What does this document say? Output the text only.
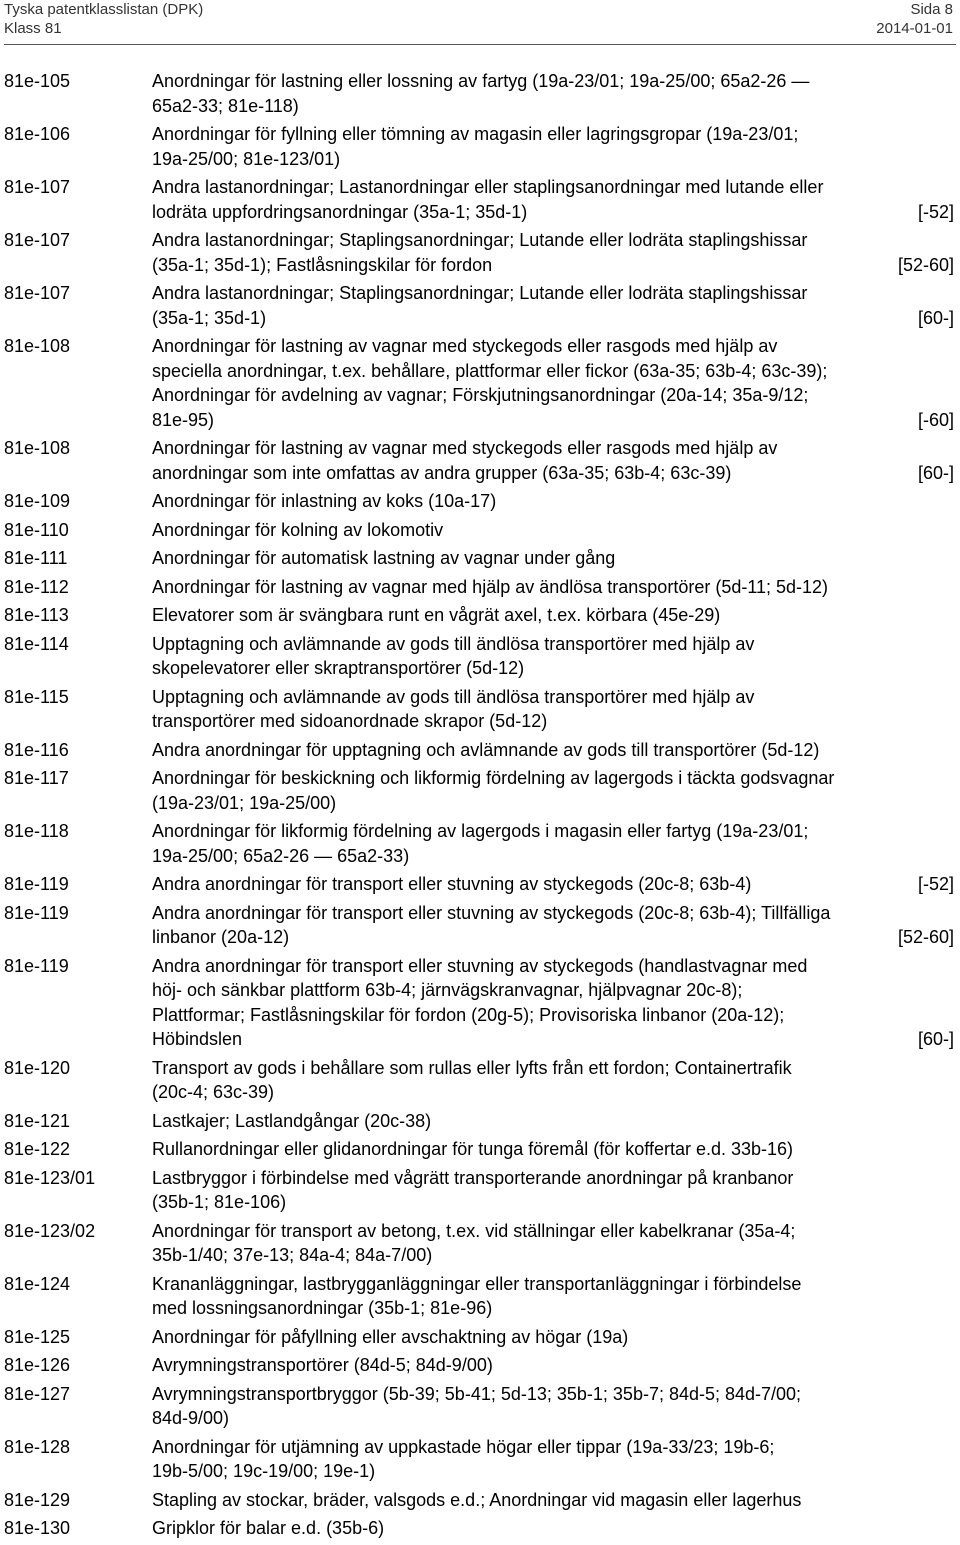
Tyska patentklasslistan (DPK)	Sida 8
Klass 81	2014-01-01
81e-105	Anordningar för lastning eller lossning av fartyg (19a-23/01; 19a-25/00; 65a2-26 —
65a2-33; 81e-118)
81e-106	Anordningar för fyllning eller tömning av magasin eller lagringsgropar (19a-23/01;
19a-25/00; 81e-123/01)
81e-107	Andra lastanordningar; Lastanordningar eller staplingsanordningar med lutande eller
lodräta uppfordringsanordningar (35a-1; 35d-1)	[-52]
81e-107	Andra lastanordningar; Staplingsanordningar; Lutande eller lodräta staplingshissar
(35a-1; 35d-1); Fastlåsningskilar för fordon	[52-60]
81e-107	Andra lastanordningar; Staplingsanordningar; Lutande eller lodräta staplingshissar
(35a-1; 35d-1)	[60-]
81e-108	Anordningar för lastning av vagnar med styckegods eller rasgods med hjälp av
speciella anordningar, t.ex. behållare, plattformar eller fickor (63a-35; 63b-4; 63c-39);
Anordningar för avdelning av vagnar; Förskjutningsanordningar (20a-14; 35a-9/12;
81e-95)	[-60]
81e-108	Anordningar för lastning av vagnar med styckegods eller rasgods med hjälp av
anordningar som inte omfattas av andra grupper (63a-35; 63b-4; 63c-39)	[60-]
81e-109	Anordningar för inlastning av koks (10a-17)
81e-110	Anordningar för kolning av lokomotiv
81e-111	Anordningar för automatisk lastning av vagnar under gång
81e-112	Anordningar för lastning av vagnar med hjälp av ändlösa transportörer (5d-11; 5d-12)
81e-113	Elevatorer som är svängbara runt en vågrät axel, t.ex. körbara (45e-29)
81e-114	Upptagning och avlämnande av gods till ändlösa transportörer med hjälp av
skopelevatorer eller skraptransportörer (5d-12)
81e-115	Upptagning och avlämnande av gods till ändlösa transportörer med hjälp av
transportörer med sidoanordnade skrapor (5d-12)
81e-116	Andra anordningar för upptagning och avlämnande av gods till transportörer (5d-12)
81e-117	Anordningar för beskickning och likformig fördelning av lagergods i täckta godsvagnar
(19a-23/01; 19a-25/00)
81e-118	Anordningar för likformig fördelning av lagergods i magasin eller fartyg (19a-23/01;
19a-25/00; 65a2-26 — 65a2-33)
81e-119	Andra anordningar för transport eller stuvning av styckegods (20c-8; 63b-4)	[-52]
81e-119	Andra anordningar för transport eller stuvning av styckegods (20c-8; 63b-4); Tillfälliga
linbanor (20a-12)	[52-60]
81e-119	Andra anordningar för transport eller stuvning av styckegods (handlastvagnar med
höj- och sänkbar plattform 63b-4; järnvägskranvagnar, hjälpvagnar 20c-8);
Plattformar; Fastlåsningskilar för fordon (20g-5); Provisoriska linbanor (20a-12);
Höbindslen	[60-]
81e-120	Transport av gods i behållare som rullas eller lyfts från ett fordon; Containertrafik
(20c-4; 63c-39)
81e-121	Lastkajer; Lastlandgångar (20c-38)
81e-122	Rullanordningar eller glidanordningar för tunga föremål (för koffertar e.d. 33b-16)
81e-123/01	Lastbryggor i förbindelse med vågrätt transporterande anordningar på kranbanor
(35b-1; 81e-106)
81e-123/02	Anordningar för transport av betong, t.ex. vid ställningar eller kabelkranar (35a-4;
35b-1/40; 37e-13; 84a-4; 84a-7/00)
81e-124	Krananläggningar, lastbrygganläggningar eller transportanläggningar i förbindelse
med lossningsanordningar (35b-1; 81e-96)
81e-125	Anordningar för påfyllning eller avschaktning av högar (19a)
81e-126	Avrymningstransportörer (84d-5; 84d-9/00)
81e-127	Avrymningstransportbryggor (5b-39; 5b-41; 5d-13; 35b-1; 35b-7; 84d-5; 84d-7/00;
84d-9/00)
81e-128	Anordningar för utjämning av uppkastade högar eller tippar (19a-33/23; 19b-6;
19b-5/00; 19c-19/00; 19e-1)
81e-129	Stapling av stockar, bräder, valsgods e.d.; Anordningar vid magasin eller lagerhus
81e-130	Gripklor för balar e.d. (35b-6)
